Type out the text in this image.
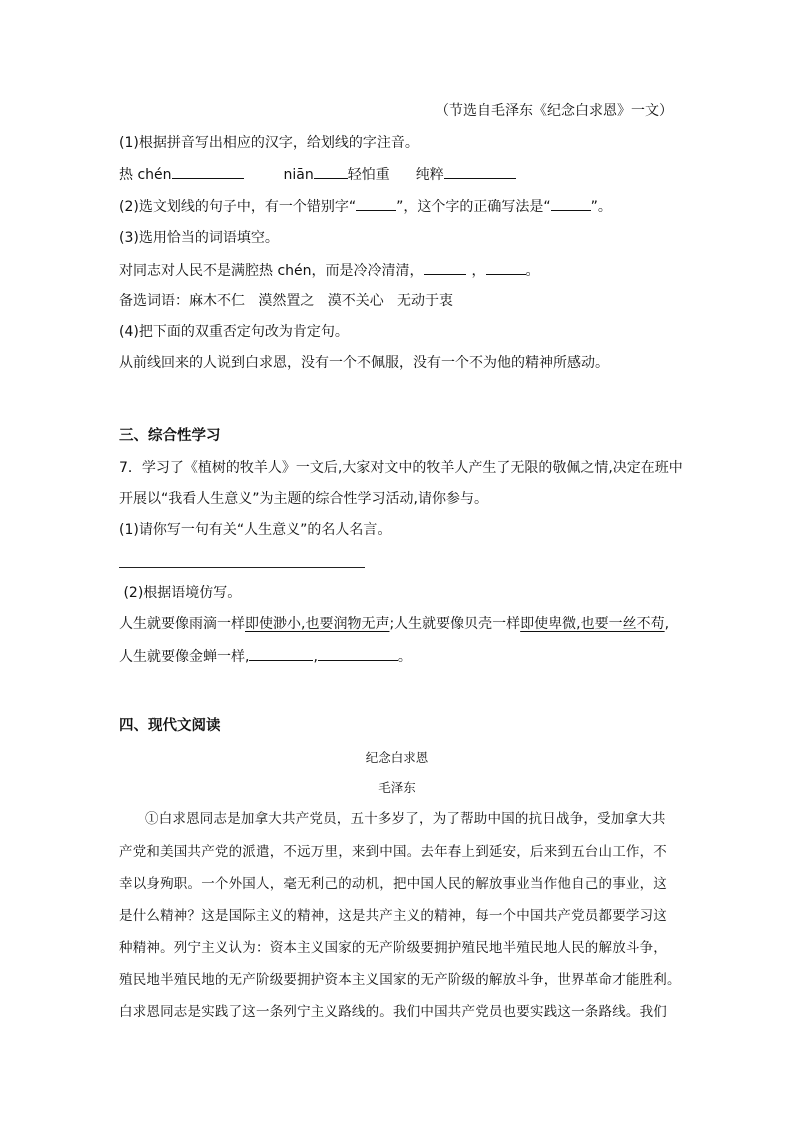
（节选自毛泽东《纪念白求恩》一文）
(1)根据拼音写出相应的汉字，给划线的字注音。
热 chén	niān 轻怕重 纯粹
(2)选文划线的句子中，有一个错别字“	”，这个字的正确写法是“	”。
(3)选用恰当的词语填空。
对同志对人民不是满腔热 chén，而是冷冷清清，	，	。
备选词语：麻木不仁   漠然置之   漠不关心   无动于衷
(4)把下面的双重否定句改为肯定句。
从前线回来的人说到白求恩，没有一个不佩服，没有一个不为他的精神所感动。
三、综合性学习
7．学习了《植树的牧羊人》一文后,大家对文中的牧羊人产生了无限的敬佩之情,决定在班中
开展以“我看人生意义”为主题的综合性学习活动,请你参与。
(1)请你写一句有关“人生意义”的名人名言。
(2)根据语境仿写。
人生就要像雨滴一样即使渺小,也要润物无声;人生就要像贝壳一样即使卑微,也要一丝不苟,
人生就要像金蝉一样,	,	。
四、现代文阅读
纪念白求恩
毛泽东
①白求恩同志是加拿大共产党员，五十多岁了，为了帮助中国的抗日战争，受加拿大共
产党和美国共产党的派遣，不远万里，来到中国。去年春上到延安，后来到五台山工作，不
幸以身殉职。一个外国人，毫无利己的动机，把中国人民的解放事业当作他自己的事业，这
是什么精神？这是国际主义的精神，这是共产主义的精神，每一个中国共产党员都要学习这
种精神。列宁主义认为：资本主义国家的无产阶级要拥护殖民地半殖民地人民的解放斗争，
殖民地半殖民地的无产阶级要拥护资本主义国家的无产阶级的解放斗争，世界革命才能胜利。
白求恩同志是实践了这一条列宁主义路线的。我们中国共产党员也要实践这一条路线。我们
